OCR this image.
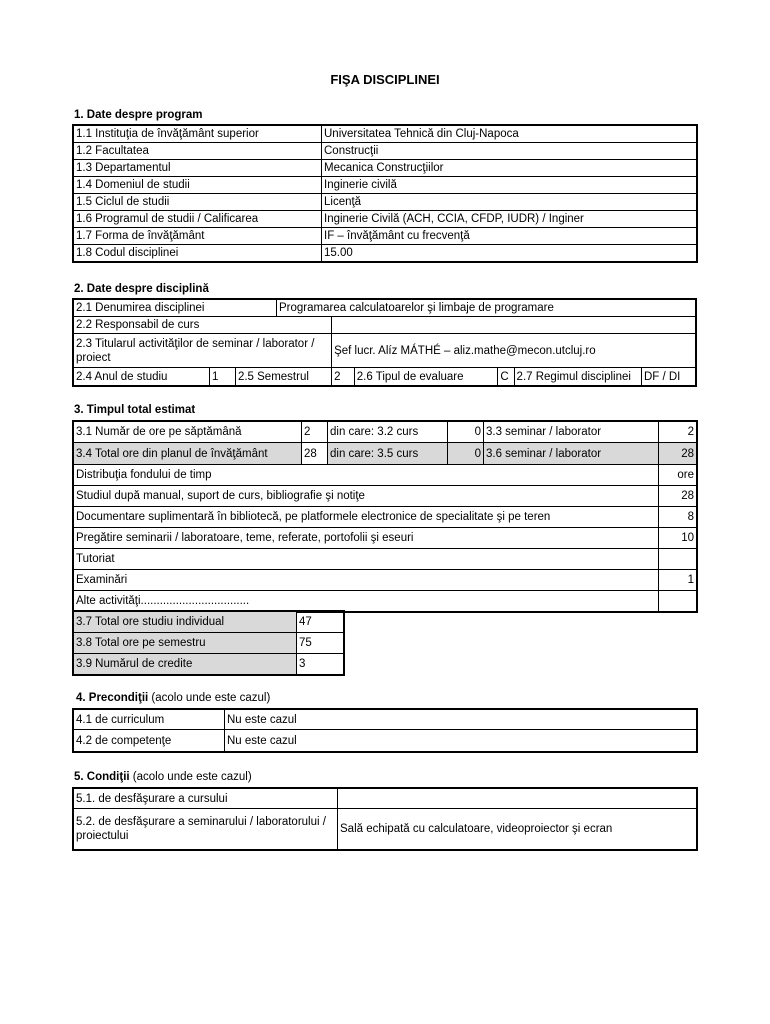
FIŞA DISCIPLINEI
1. Date despre program
1.1 Instituţia de învăţământ superior	Universitatea Tehnică din Cluj-Napoca
1.2 Facultatea	Construcţii
1.3 Departamentul	Mecanica Construcţiilor
1.4 Domeniul de studii	Inginerie civilă
1.5 Ciclul de studii	Licenţă
1.6 Programul de studii / Calificarea	Inginerie Civilă (ACH, CCIA, CFDP, IUDR) / Inginer
1.7 Forma de învăţământ	IF – învăţământ cu frecvenţă
1.8 Codul disciplinei	15.00
2. Date despre disciplină
2.1 Denumirea disciplinei			Programarea calculatoarelor şi limbaje de programare					
2.2 Responsabil de curs								
2.3 Titularul activităţilor de seminar / laborator / proiect				Şef lucr. Alíz MÁTHÉ – aliz.mathe@mecon.utcluj.ro				
2.4 Anul de studiu	1	2.5 Semestrul		2	2.6 Tipul de evaluare	C	2.7 Regimul disciplinei	DF / DI
3. Timpul total estimat
3.1 Număr de ore pe săptămână	2	din care: 3.2 curs	0	3.3 seminar / laborator	2
3.4 Total ore din planul de învăţământ	28	din care: 3.5 curs	0	3.6 seminar / laborator	28
Distribuţia fondului de timp					ore
Studiul după manual, suport de curs, bibliografie şi notiţe					28
Documentare suplimentară în bibliotecă, pe platformele electronice de specialitate şi pe teren					8
Pregătire seminarii / laboratoare, teme, referate, portofolii şi eseuri					10
Tutoriat					
Examinări					1
Alte activităţi..................................					
3.7 Total ore studiu individual	47
3.8 Total ore pe semestru	75
3.9 Numărul de credite	3
4. Precondiţii (acolo unde este cazul)
4.1 de curriculum	Nu este cazul
4.2 de competenţe	Nu este cazul
5. Condiţii (acolo unde este cazul)
5.1. de desfăşurare a cursului	
5.2. de desfăşurare a seminarului / laboratorului / proiectului	Sală echipată cu calculatoare, videoproiector şi ecran
